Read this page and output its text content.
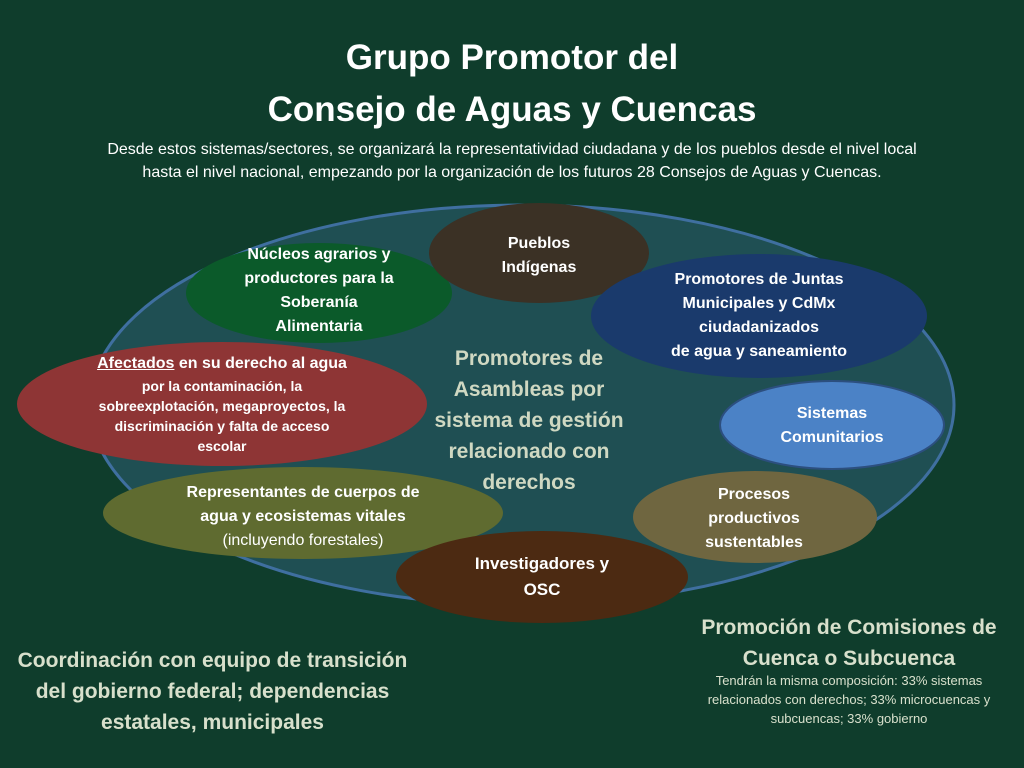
Grupo Promotor del
Consejo de Aguas y Cuencas
Desde estos sistemas/sectores, se organizará la representatividad ciudadana y de los pueblos desde el nivel local
hasta el nivel nacional, empezando por la organización de los futuros 28 Consejos de Aguas y Cuencas.
Núcleos agrarios y
productores para la
Soberanía
Alimentaria
Pueblos
Indígenas
Promotores de Juntas
Municipales y CdMx
ciudadanizados
de agua y saneamiento
Afectados en su derecho al agua
por la contaminación, la
sobreexplotación, megaproyectos, la
discriminación y falta de acceso
escolar
Promotores de
Asambleas por
sistema de gestión
relacionado con
derechos
Sistemas
Comunitarios
Representantes de cuerpos de
agua y ecosistemas vitales
(incluyendo forestales)
Procesos
productivos
sustentables
Investigadores y
OSC
Coordinación con equipo de transición
del gobierno federal; dependencias
estatales, municipales
Promoción de Comisiones de
Cuenca o Subcuenca
Tendrán la misma composición: 33% sistemas
relacionados con derechos; 33% microcuencas y
subcuencas; 33% gobierno
